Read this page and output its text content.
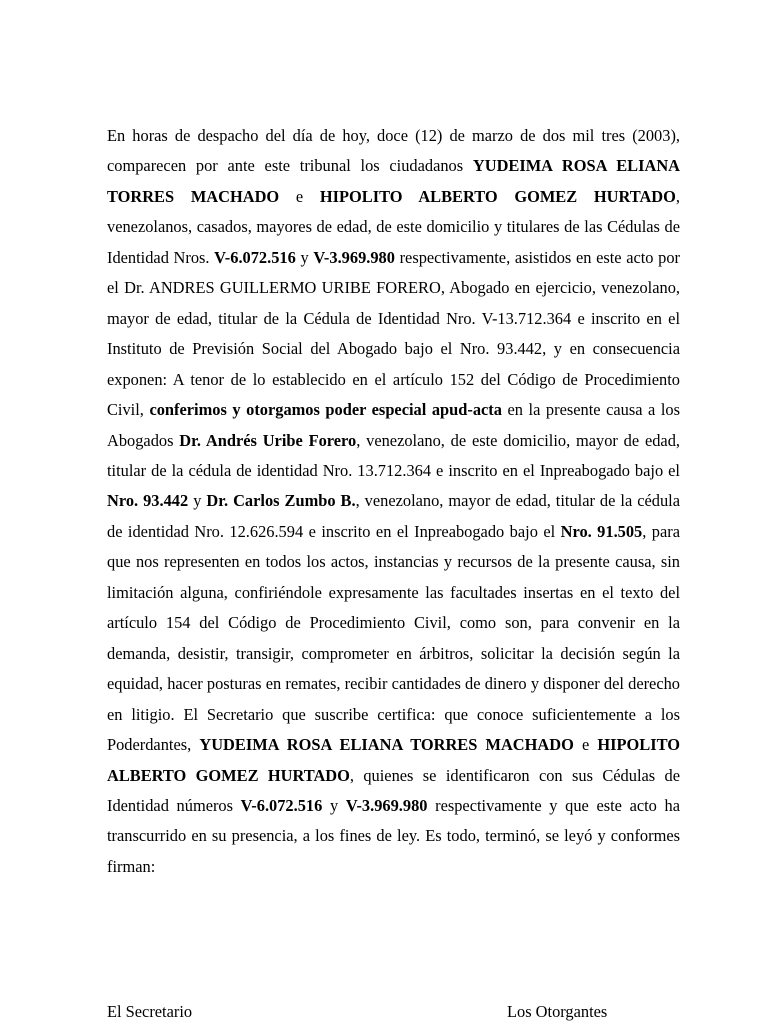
En horas de despacho del día de hoy, doce (12) de marzo de dos mil tres (2003), comparecen por ante este tribunal los ciudadanos YUDEIMA ROSA ELIANA TORRES MACHADO e HIPOLITO ALBERTO GOMEZ HURTADO, venezolanos, casados, mayores de edad, de este domicilio y titulares de las Cédulas de Identidad Nros. V-6.072.516 y V-3.969.980 respectivamente, asistidos en este acto por el Dr. ANDRES GUILLERMO URIBE FORERO, Abogado en ejercicio, venezolano, mayor de edad, titular de la Cédula de Identidad Nro. V-13.712.364 e inscrito en el Instituto de Previsión Social del Abogado bajo el Nro. 93.442, y en consecuencia exponen: A tenor de lo establecido en el artículo 152 del Código de Procedimiento Civil, conferimos y otorgamos poder especial apud-acta en la presente causa a los Abogados Dr. Andrés Uribe Forero, venezolano, de este domicilio, mayor de edad, titular de la cédula de identidad Nro. 13.712.364 e inscrito en el Inpreabogado bajo el Nro. 93.442 y Dr. Carlos Zumbo B., venezolano, mayor de edad, titular de la cédula de identidad Nro. 12.626.594 e inscrito en el Inpreabogado bajo el Nro. 91.505, para que nos representen en todos los actos, instancias y recursos de la presente causa, sin limitación alguna, confiriéndole expresamente las facultades insertas en el texto del artículo 154 del Código de Procedimiento Civil, como son, para convenir en la demanda, desistir, transigir, comprometer en árbitros, solicitar la decisión según la equidad, hacer posturas en remates, recibir cantidades de dinero y disponer del derecho en litigio. El Secretario que suscribe certifica: que conoce suficientemente a los Poderdantes, YUDEIMA ROSA ELIANA TORRES MACHADO e HIPOLITO ALBERTO GOMEZ HURTADO, quienes se identificaron con sus Cédulas de Identidad números V-6.072.516 y V-3.969.980 respectivamente y que este acto ha transcurrido en su presencia, a los fines de ley. Es todo, terminó, se leyó y conformes firman:

El Secretario	Los Otorgantes
